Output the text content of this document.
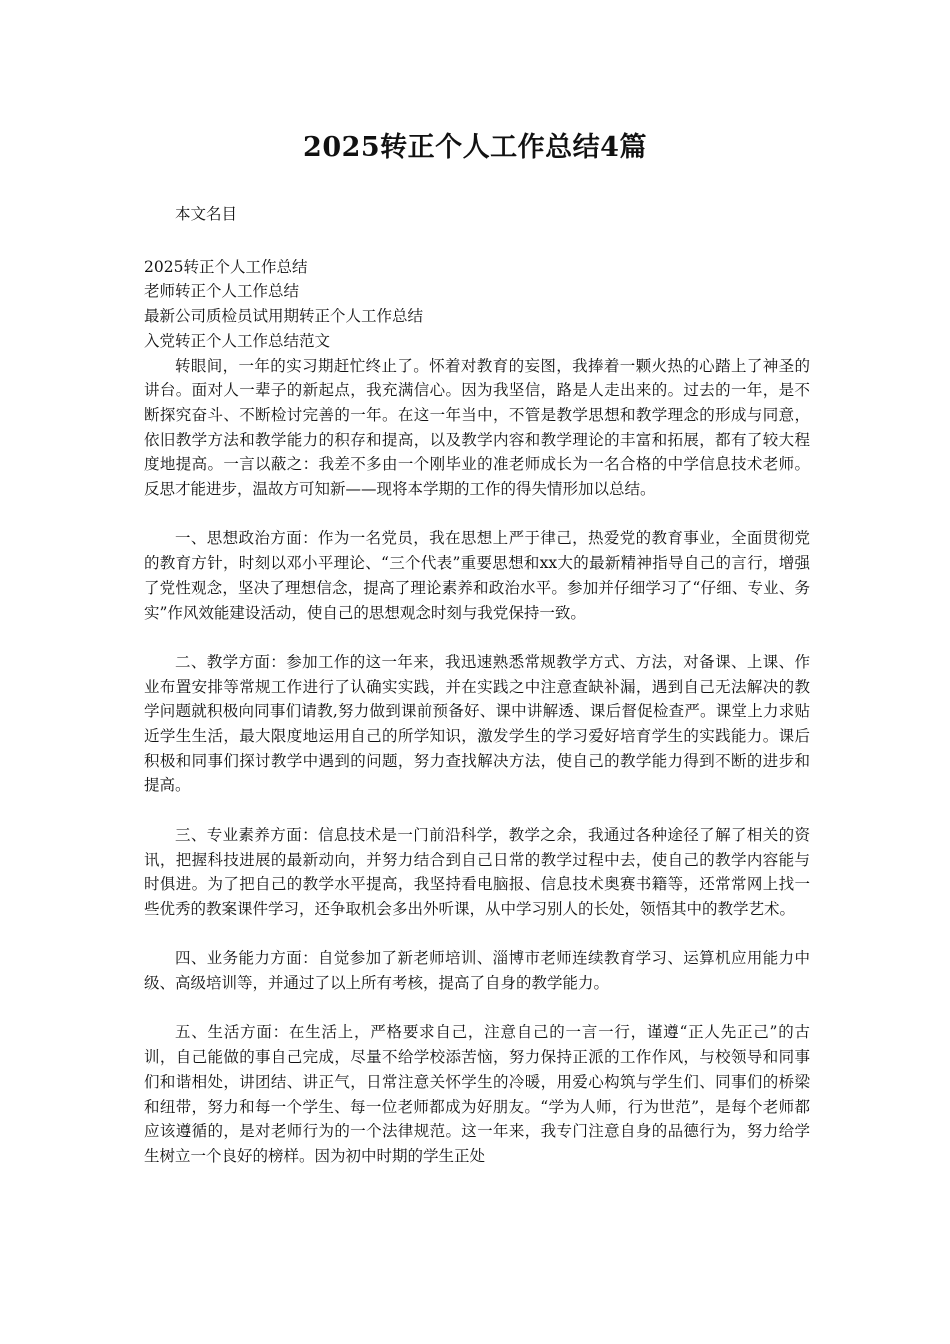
2025转正个人工作总结4篇

本文名目

2025转正个人工作总结
老师转正个人工作总结
最新公司质检员试用期转正个人工作总结
入党转正个人工作总结范文

转眼间，一年的实习期赶忙终止了。怀着对教育的妄图，我捧着一颗火热的心踏上了神圣的讲台。面对人一辈子的新起点，我充满信心。因为我坚信，路是人走出来的。过去的一年，是不断探究奋斗、不断检讨完善的一年。在这一年当中，不管是教学思想和教学理念的形成与同意，依旧教学方法和教学能力的积存和提高，以及教学内容和教学理论的丰富和拓展，都有了较大程度地提高。一言以蔽之：我差不多由一个刚毕业的准老师成长为一名合格的中学信息技术老师。反思才能进步，温故方可知新——现将本学期的工作的得失情形加以总结。

一、思想政治方面：作为一名党员，我在思想上严于律己，热爱党的教育事业，全面贯彻党的教育方针，时刻以邓小平理论、“三个代表”重要思想和xx大的最新精神指导自己的言行，增强了党性观念，坚决了理想信念，提高了理论素养和政治水平。参加并仔细学习了“仔细、专业、务实”作风效能建设活动，使自己的思想观念时刻与我党保持一致。

二、教学方面：参加工作的这一年来，我迅速熟悉常规教学方式、方法，对备课、上课、作业布置安排等常规工作进行了认确实实践，并在实践之中注意查缺补漏，遇到自己无法解决的教学问题就积极向同事们请教,努力做到课前预备好、课中讲解透、课后督促检查严。课堂上力求贴近学生生活，最大限度地运用自己的所学知识，激发学生的学习爱好培育学生的实践能力。课后积极和同事们探讨教学中遇到的问题，努力查找解决方法，使自己的教学能力得到不断的进步和提高。

三、专业素养方面：信息技术是一门前沿科学，教学之余，我通过各种途径了解了相关的资讯，把握科技进展的最新动向，并努力结合到自己日常的教学过程中去，使自己的教学内容能与时俱进。为了把自己的教学水平提高，我坚持看电脑报、信息技术奥赛书籍等，还常常网上找一些优秀的教案课件学习，还争取机会多出外听课，从中学习别人的长处，领悟其中的教学艺术。

四、业务能力方面：自觉参加了新老师培训、淄博市老师连续教育学习、运算机应用能力中级、高级培训等，并通过了以上所有考核，提高了自身的教学能力。

五、生活方面：在生活上，严格要求自己，注意自己的一言一行，谨遵“正人先正己”的古训，自己能做的事自己完成，尽量不给学校添苦恼，努力保持正派的工作作风，与校领导和同事们和谐相处，讲团结、讲正气，日常注意关怀学生的冷暖，用爱心构筑与学生们、同事们的桥梁和纽带，努力和每一个学生、每一位老师都成为好朋友。“学为人师，行为世范”，是每个老师都应该遵循的，是对老师行为的一个法律规范。这一年来，我专门注意自身的品德行为，努力给学生树立一个良好的榜样。因为初中时期的学生正处
